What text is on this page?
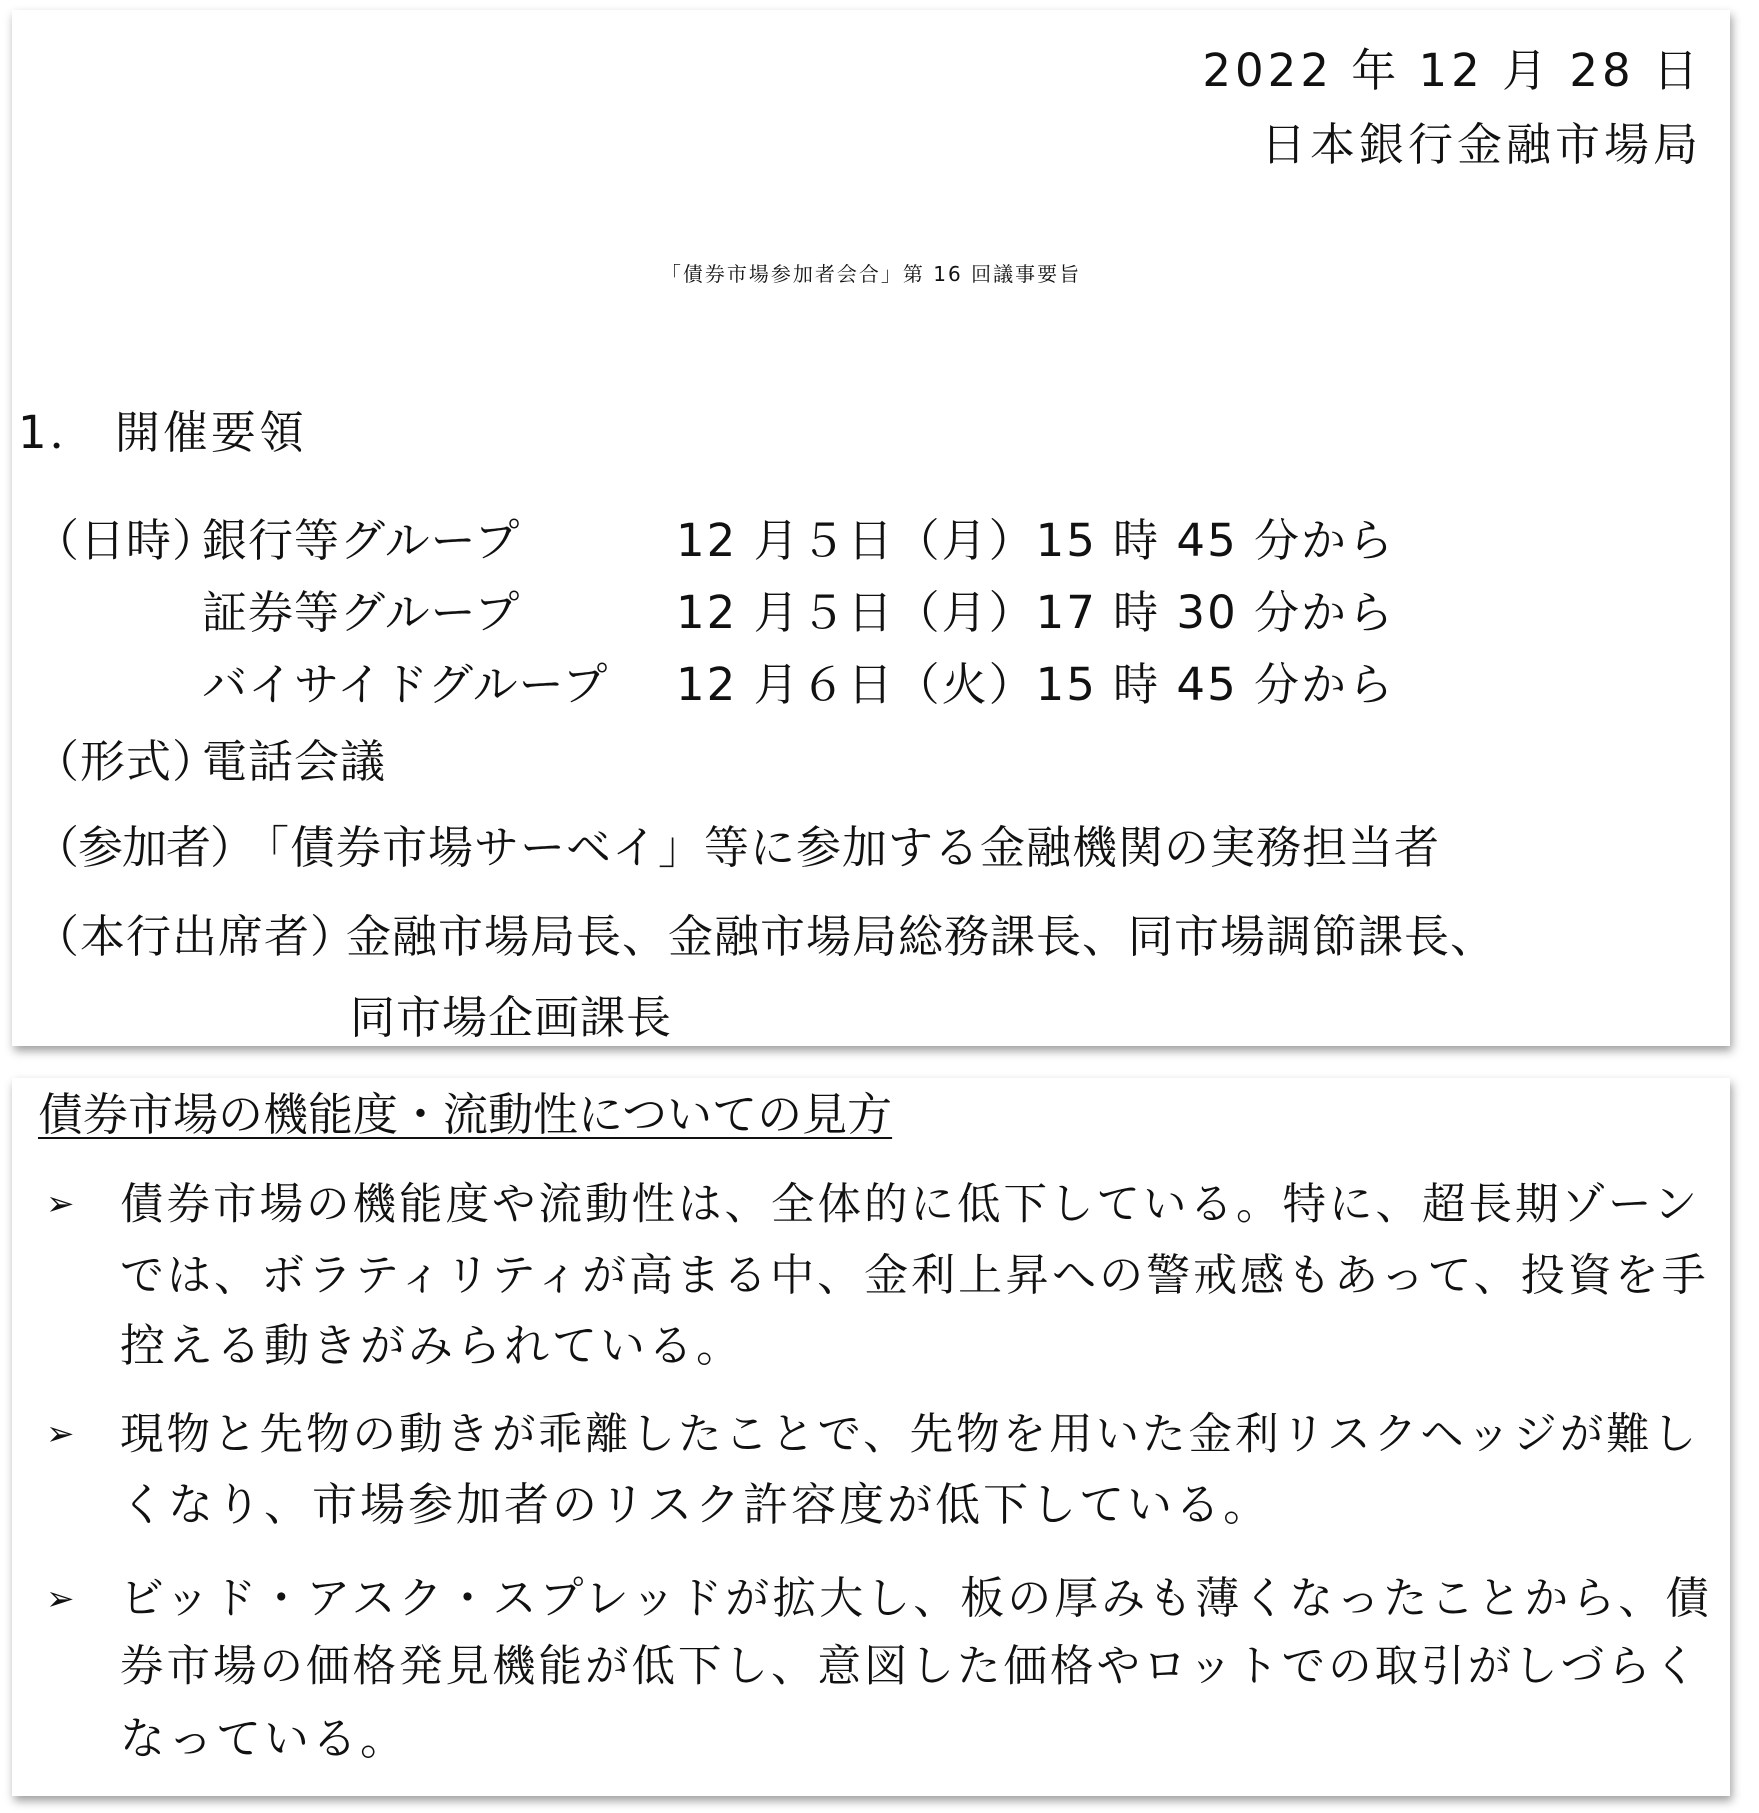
2022 年 12 月 28 日
日本銀行金融市場局
「債券市場参加者会合」第 16 回議事要旨
1． 開催要領
（日時）
銀行等グループ	12 月５日（月）15 時 45 分から
証券等グループ	12 月５日（月）17 時 30 分から
バイサイドグループ 12 月６日（火）15 時 45 分から
（形式）
電話会議
（参加者）
「債券市場サーベイ」等に参加する金融機関の実務担当者
（本行出席者）
金融市場局長、金融市場局総務課長、同市場調節課長、
同市場企画課長
債券市場の機能度・流動性についての見方
➢ 債券市場の機能度や流動性は、全体的に低下している。特に、超長期ゾーン
では、ボラティリティが高まる中、金利上昇への警戒感もあって、投資を手
控える動きがみられている。
➢ 現物と先物の動きが乖離したことで、先物を用いた金利リスクヘッジが難し
くなり、市場参加者のリスク許容度が低下している。
➢ ビッド・アスク・スプレッドが拡大し、板の厚みも薄くなったことから、債
券市場の価格発見機能が低下し、意図した価格やロットでの取引がしづらく
なっている。
